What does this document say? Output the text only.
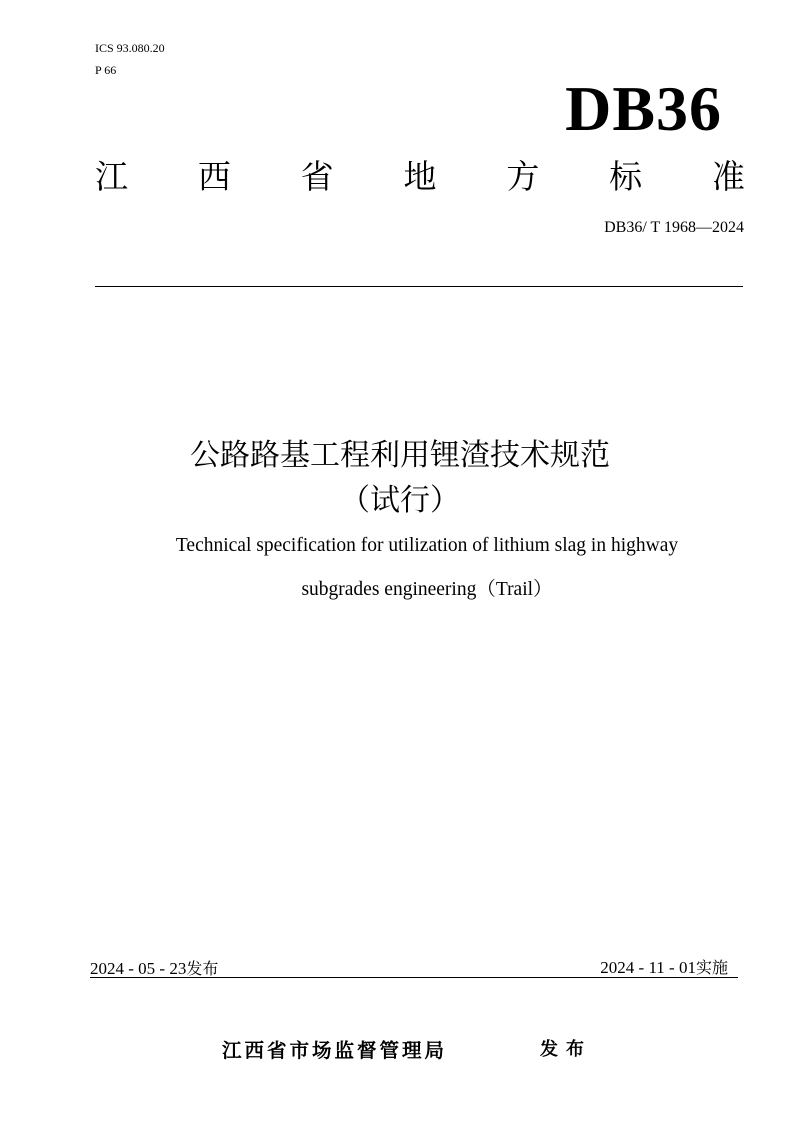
ICS 93.080.20
P 66
DB36
江 西 省 地 方 标 准
DB36/ T 1968—2024
公路路基工程利用锂渣技术规范
（试行）
Technical specification for utilization of lithium slag in highway
subgrades engineering（Trail）
2024 - 05 - 23发布	2024 - 11 - 01实施
江西省市场监督管理局	发布
